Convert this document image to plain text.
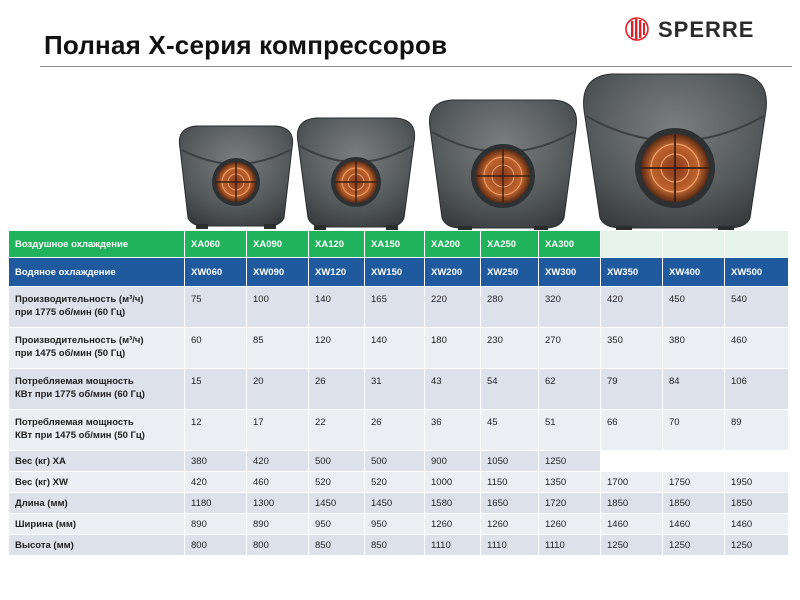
Полная X-серия компрессоров
SPERRE
Воздушное охлаждение	XA060	XA090	XA120	XA150	XA200	XA250	XA300			
Водяное охлаждение	XW060	XW090	XW120	XW150	XW200	XW250	XW300	XW350	XW400	XW500
Производительность (м³/ч)
при 1775 об/мин (60 Гц)	75	100	140	165	220	280	320	420	450	540
Производительность (м³/ч)
при 1475 об/мин (50 Гц)	60	85	120	140	180	230	270	350	380	460
Потребляемая мощность
КВт при 1775 об/мин (60 Гц)	15	20	26	31	43	54	62	79	84	106
Потребляемая мощность
КВт при 1475 об/мин (50 Гц)	12	17	22	26	36	45	51	66	70	89
Вес (кг) XA	380	420	500	500	900	1050	1250			
Вес (кг) XW	420	460	520	520	1000	1150	1350	1700	1750	1950
Длина (мм)	1180	1300	1450	1450	1580	1650	1720	1850	1850	1850
Ширина (мм)	890	890	950	950	1260	1260	1260	1460	1460	1460
Высота (мм)	800	800	850	850	1110	1110	1110	1250	1250	1250
